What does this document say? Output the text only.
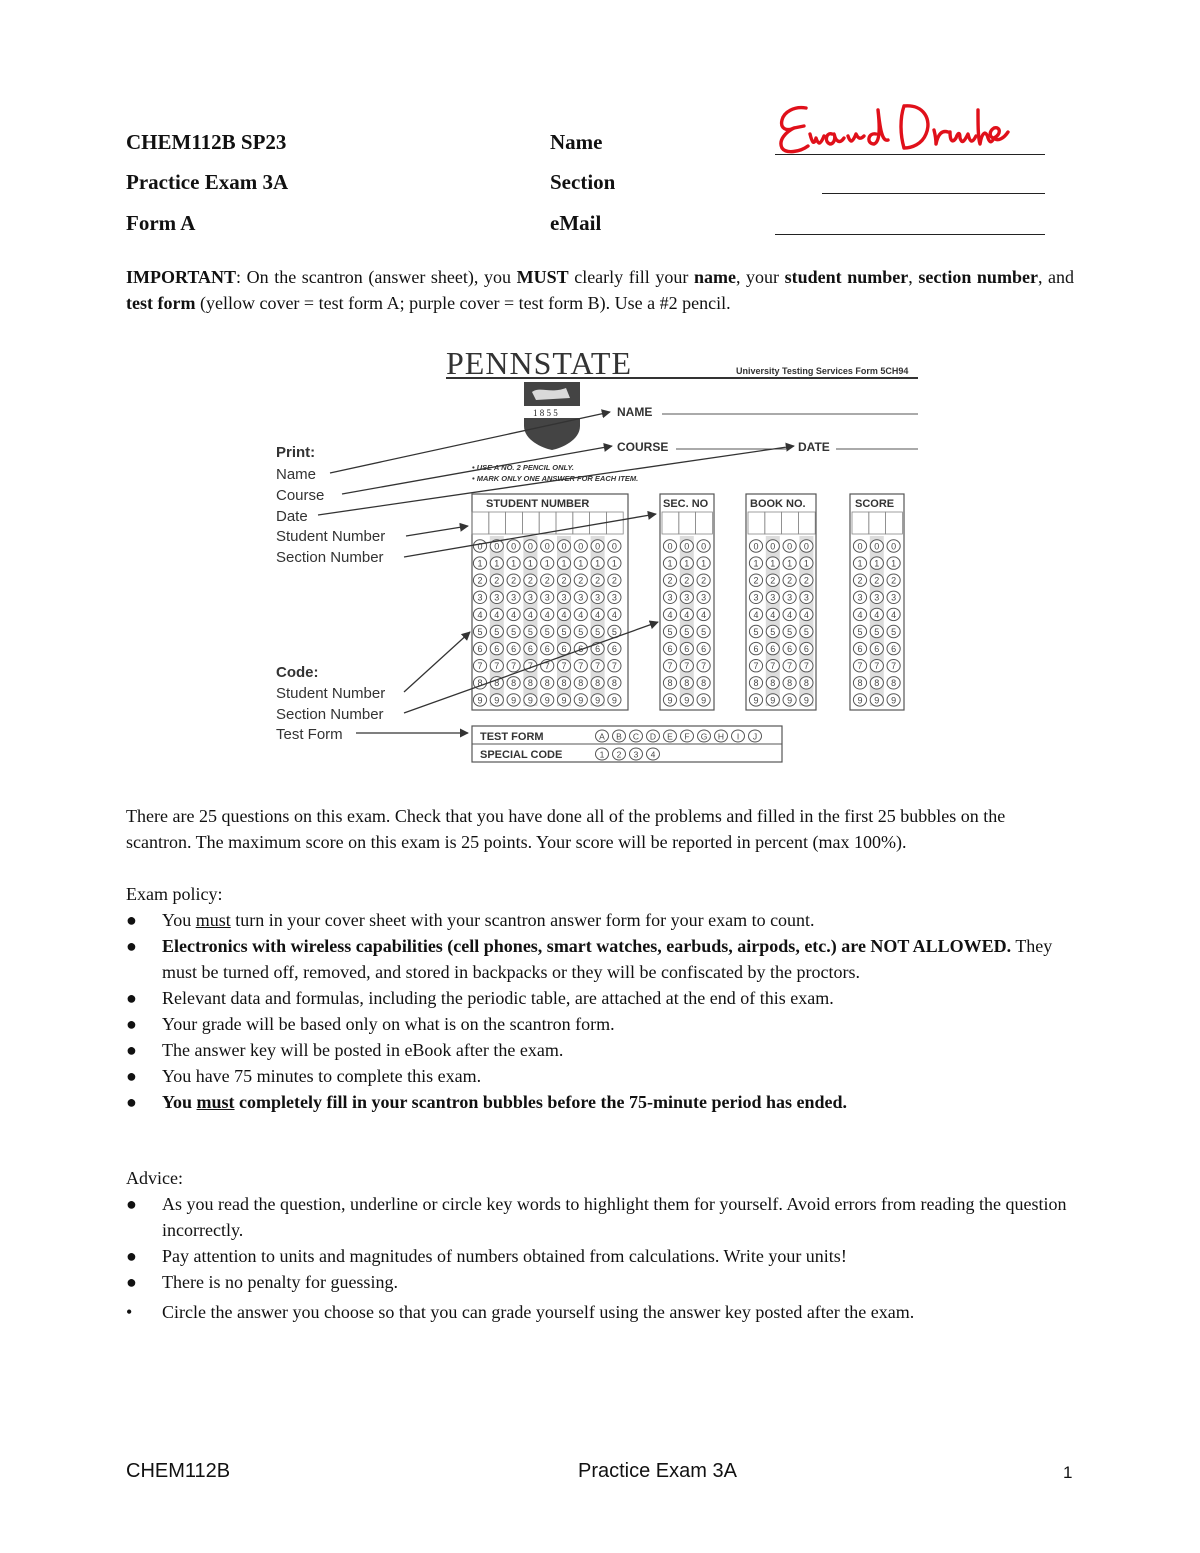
CHEM112B SP23
Practice Exam 3A
Form A
Name
Section
eMail
IMPORTANT: On the scantron (answer sheet), you MUST clearly fill your name, your student number, section number, and test form (yellow cover = test form A; purple cover = test form B). Use a #2 pencil.
PENNSTATE	University Testing Services Form 5CH94
1 8 5 5	NAME
COURSE	DATE
• USE A NO. 2 PENCIL ONLY.
• MARK ONLY ONE ANSWER FOR EACH ITEM.
STUDENT NUMBER	SEC. NO	BOOK NO.	SCORE
0
1
2
3
4
5
6
7
8
9
0
1
2
3
4
5
6
7
8
9
0
1
2
3
4
5
6
7
8
9
0
1
2
3
4
5
6
7
8
9
0
1
2
3
4
5
6
7
8
9
0
1
2
3
4
5
6
7
8
9
0
1
2
3
4
5
6
7
8
9
0
1
2
3
4
5
6
7
8
9
0
1
2
3
4
5
6
7
8
9
0
1
2
3
4
5
6
7
8
9
0
1
2
3
4
5
6
7
8
9
0
1
2
3
4
5
6
7
8
9
0
1
2
3
4
5
6
7
8
9
0
1
2
3
4
5
6
7
8
9
0
1
2
3
4
5
6
7
8
9
0
1
2
3
4
5
6
7
8
9
0
1
2
3
4
5
6
7
8
9
0
1
2
3
4
5
6
7
8
9
0
1
2
3
4
5
6
7
8
9
TEST FORM
SPECIAL CODE
A B C D E F G H I J
1 2 3 4
Print:
Name
Course
Date
Student Number
Section Number
Code:
Student Number
Section Number
Test Form
There are 25 questions on this exam. Check that you have done all of the problems and filled in the first 25 bubbles on the scantron. The maximum score on this exam is 25 points. Your score will be reported in percent (max 100%).
Exam policy:
●	You must turn in your cover sheet with your scantron answer form for your exam to count.
●	Electronics with wireless capabilities (cell phones, smart watches, earbuds, airpods, etc.) are NOT ALLOWED. They must be turned off, removed, and stored in backpacks or they will be confiscated by the proctors.
●	Relevant data and formulas, including the periodic table, are attached at the end of this exam.
●	Your grade will be based only on what is on the scantron form.
●	The answer key will be posted in eBook after the exam.
●	You have 75 minutes to complete this exam.
●	You must completely fill in your scantron bubbles before the 75-minute period has ended.
Advice:
●	As you read the question, underline or circle key words to highlight them for yourself. Avoid errors from reading the question incorrectly.
●	Pay attention to units and magnitudes of numbers obtained from calculations. Write your units!
●	There is no penalty for guessing.
•	Circle the answer you choose so that you can grade yourself using the answer key posted after the exam.
CHEM112B	Practice Exam 3A	1
